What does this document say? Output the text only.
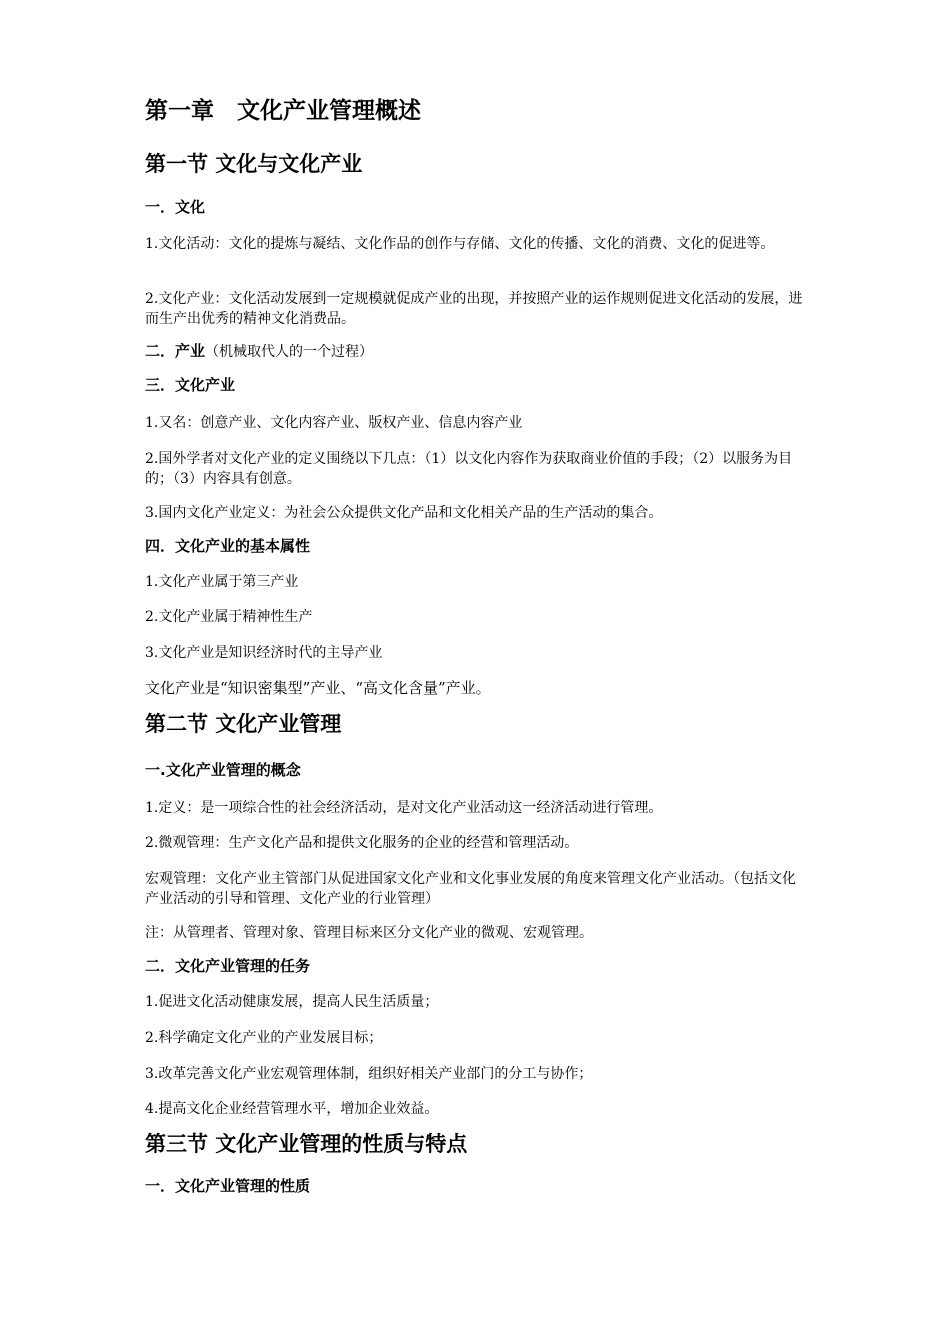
第一章　文化产业管理概述
第一节 文化与文化产业
一．文化

1.文化活动：文化的提炼与凝结、文化作品的创作与存储、文化的传播、文化的消费、文化的促进等。

2.文化产业：文化活动发展到一定规模就促成产业的出现，并按照产业的运作规则促进文化活动的发展，进而生产出优秀的精神文化消费品。

二．产业（机械取代人的一个过程）
三．文化产业

1.又名：创意产业、文化内容产业、版权产业、信息内容产业

2.国外学者对文化产业的定义围绕以下几点：（1）以文化内容作为获取商业价值的手段；（2）以服务为目的；（3）内容具有创意。

3.国内文化产业定义：为社会公众提供文化产品和文化相关产品的生产活动的集合。

四．文化产业的基本属性

1.文化产业属于第三产业

2.文化产业属于精神性生产

3.文化产业是知识经济时代的主导产业

文化产业是“知识密集型”产业、“高文化含量”产业。

第二节 文化产业管理
一.文化产业管理的概念

1.定义：是一项综合性的社会经济活动，是对文化产业活动这一经济活动进行管理。

2.微观管理：生产文化产品和提供文化服务的企业的经营和管理活动。

宏观管理：文化产业主管部门从促进国家文化产业和文化事业发展的角度来管理文化产业活动。（包括文化产业活动的引导和管理、文化产业的行业管理）

注：从管理者、管理对象、管理目标来区分文化产业的微观、宏观管理。

二．文化产业管理的任务

1.促进文化活动健康发展，提高人民生活质量；

2.科学确定文化产业的产业发展目标；

3.改革完善文化产业宏观管理体制，组织好相关产业部门的分工与协作；

4.提高文化企业经营管理水平，增加企业效益。

第三节 文化产业管理的性质与特点
一．文化产业管理的性质
